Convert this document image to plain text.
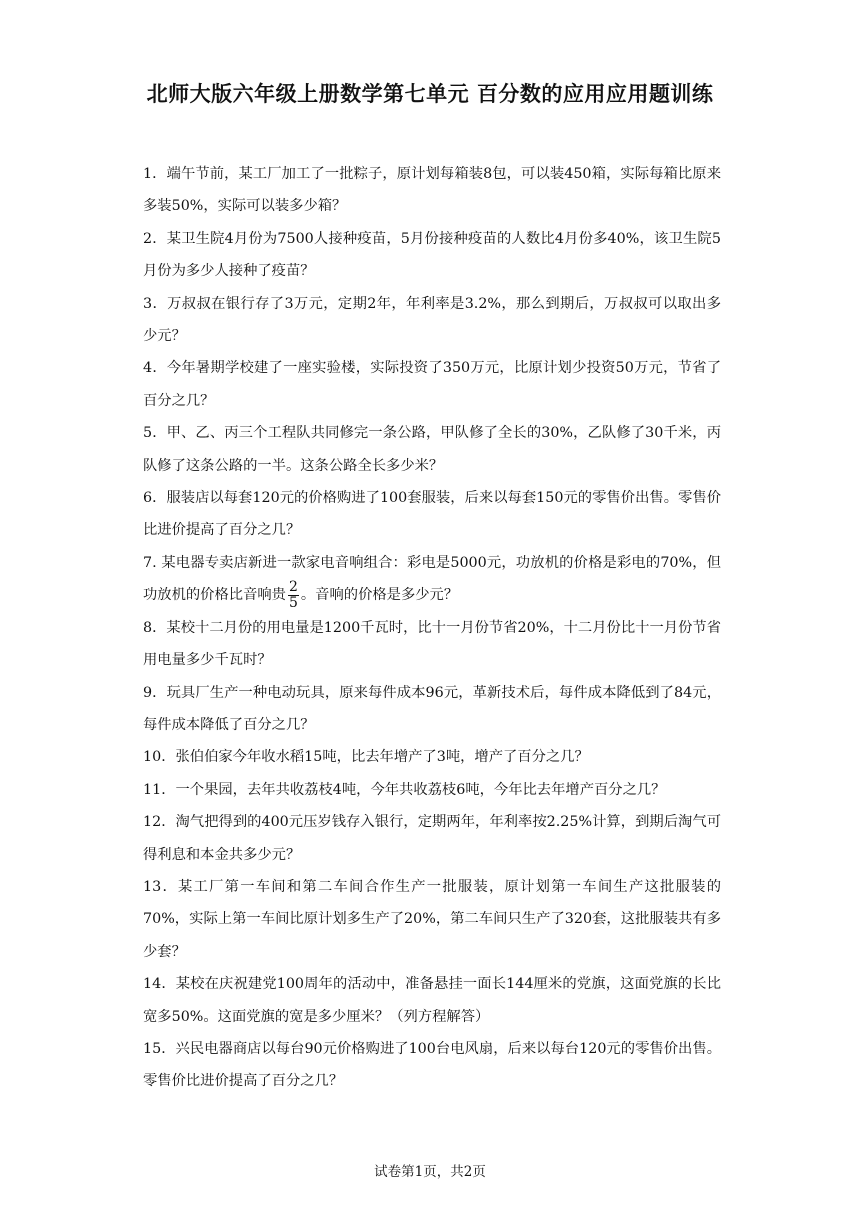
北师大版六年级上册数学第七单元 百分数的应用应用题训练

1．端午节前，某工厂加工了一批粽子，原计划每箱装8包，可以装450箱，实际每箱比原来多装50%，实际可以装多少箱？

2．某卫生院4月份为7500人接种疫苗，5月份接种疫苗的人数比4月份多40%，该卫生院5月份为多少人接种了疫苗？

3．万叔叔在银行存了3万元，定期2年，年利率是3.2%，那么到期后，万叔叔可以取出多少元？

4．今年暑期学校建了一座实验楼，实际投资了350万元，比原计划少投资50万元，节省了百分之几？

5．甲、乙、丙三个工程队共同修完一条公路，甲队修了全长的30%，乙队修了30千米，丙队修了这条公路的一半。这条公路全长多少米？

6．服装店以每套120元的价格购进了100套服装，后来以每套150元的零售价出售。零售价比进价提高了百分之几？

7. 某电器专卖店新进一款家电音响组合：彩电是5000元，功放机的价格是彩电的70%，但功放机的价格比音响贵 $\frac{2}{5}$ 。音响的价格是多少元？

8．某校十二月份的用电量是1200千瓦时，比十一月份节省20%，十二月份比十一月份节省用电量多少千瓦时？

9．玩具厂生产一种电动玩具，原来每件成本96元，革新技术后，每件成本降低到了84元，每件成本降低了百分之几？

10．张伯伯家今年收水稻15吨，比去年增产了3吨，增产了百分之几？

11．一个果园，去年共收荔枝4吨，今年共收荔枝6吨，今年比去年增产百分之几？

12．淘气把得到的400元压岁钱存入银行，定期两年，年利率按2.25%计算，到期后淘气可得利息和本金共多少元？

13．某工厂第一车间和第二车间合作生产一批服装，原计划第一车间生产这批服装的70%，实际上第一车间比原计划多生产了20%，第二车间只生产了320套，这批服装共有多少套？

14．某校在庆祝建党100周年的活动中，准备悬挂一面长144厘米的党旗，这面党旗的长比宽多50%。这面党旗的宽是多少厘米？（列方程解答）

15．兴民电器商店以每台90元价格购进了100台电风扇，后来以每台120元的零售价出售。零售价比进价提高了百分之几？

试卷第1页，共2页
